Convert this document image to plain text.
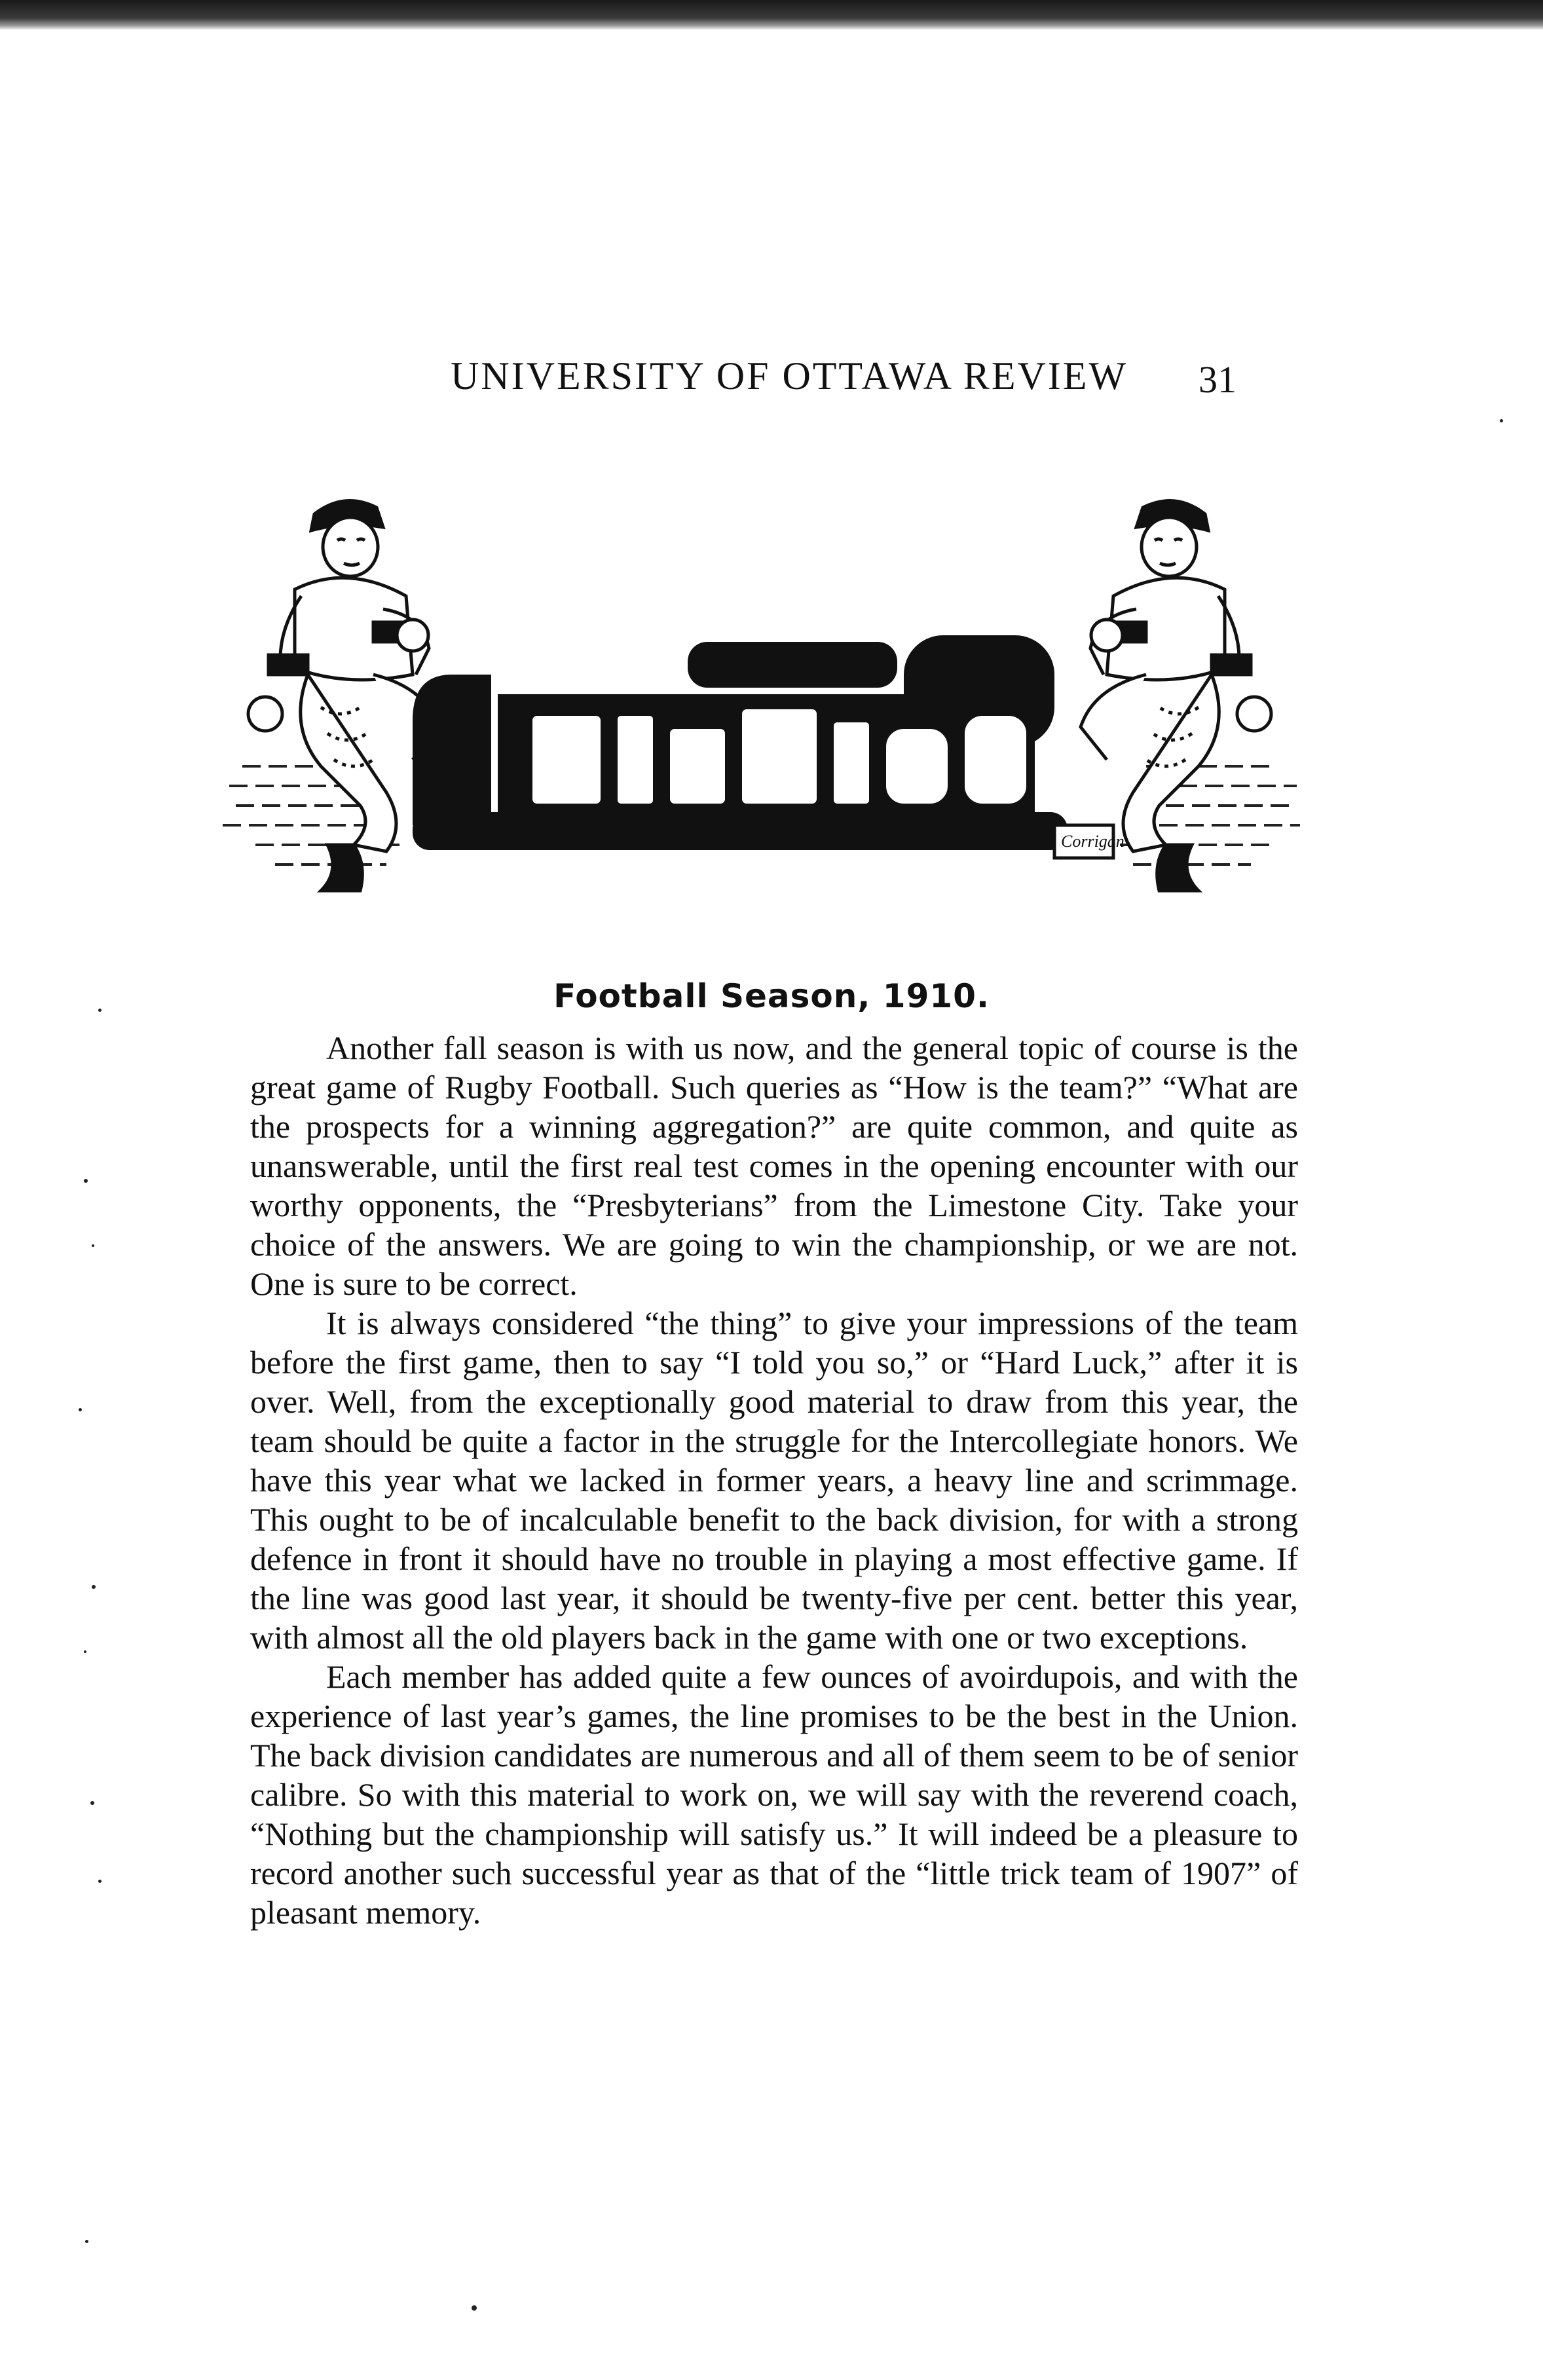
UNIVERSITY OF OTTAWA REVIEW 31
Corrigan
Football Season, 1910.

Another fall season is with us now, and the general topic of course is the great game of Rugby Football. Such queries as “How is the team?” “What are the prospects for a winning aggregation?” are quite common, and quite as unanswerable, until the first real test comes in the opening encounter with our worthy opponents, the “Presbyterians” from the Limestone City. Take your choice of the answers. We are going to win the championship, or we are not. One is sure to be correct.

It is always considered “the thing” to give your impressions of the team before the first game, then to say “I told you so,” or “Hard Luck,” after it is over. Well, from the exceptionally good material to draw from this year, the team should be quite a factor in the struggle for the Intercollegiate honors. We have this year what we lacked in former years, a heavy line and scrimmage. This ought to be of incalculable benefit to the back division, for with a strong defence in front it should have no trouble in playing a most effective game. If the line was good last year, it should be twenty-five per cent. better this year, with almost all the old players back in the game with one or two exceptions.

Each member has added quite a few ounces of avoirdupois, and with the experience of last year’s games, the line promises to be the best in the Union. The back division candidates are numerous and all of them seem to be of senior calibre. So with this material to work on, we will say with the reverend coach, “Nothing but the championship will satisfy us.” It will indeed be a pleasure to record another such successful year as that of the “little trick team of 1907” of pleasant memory.
